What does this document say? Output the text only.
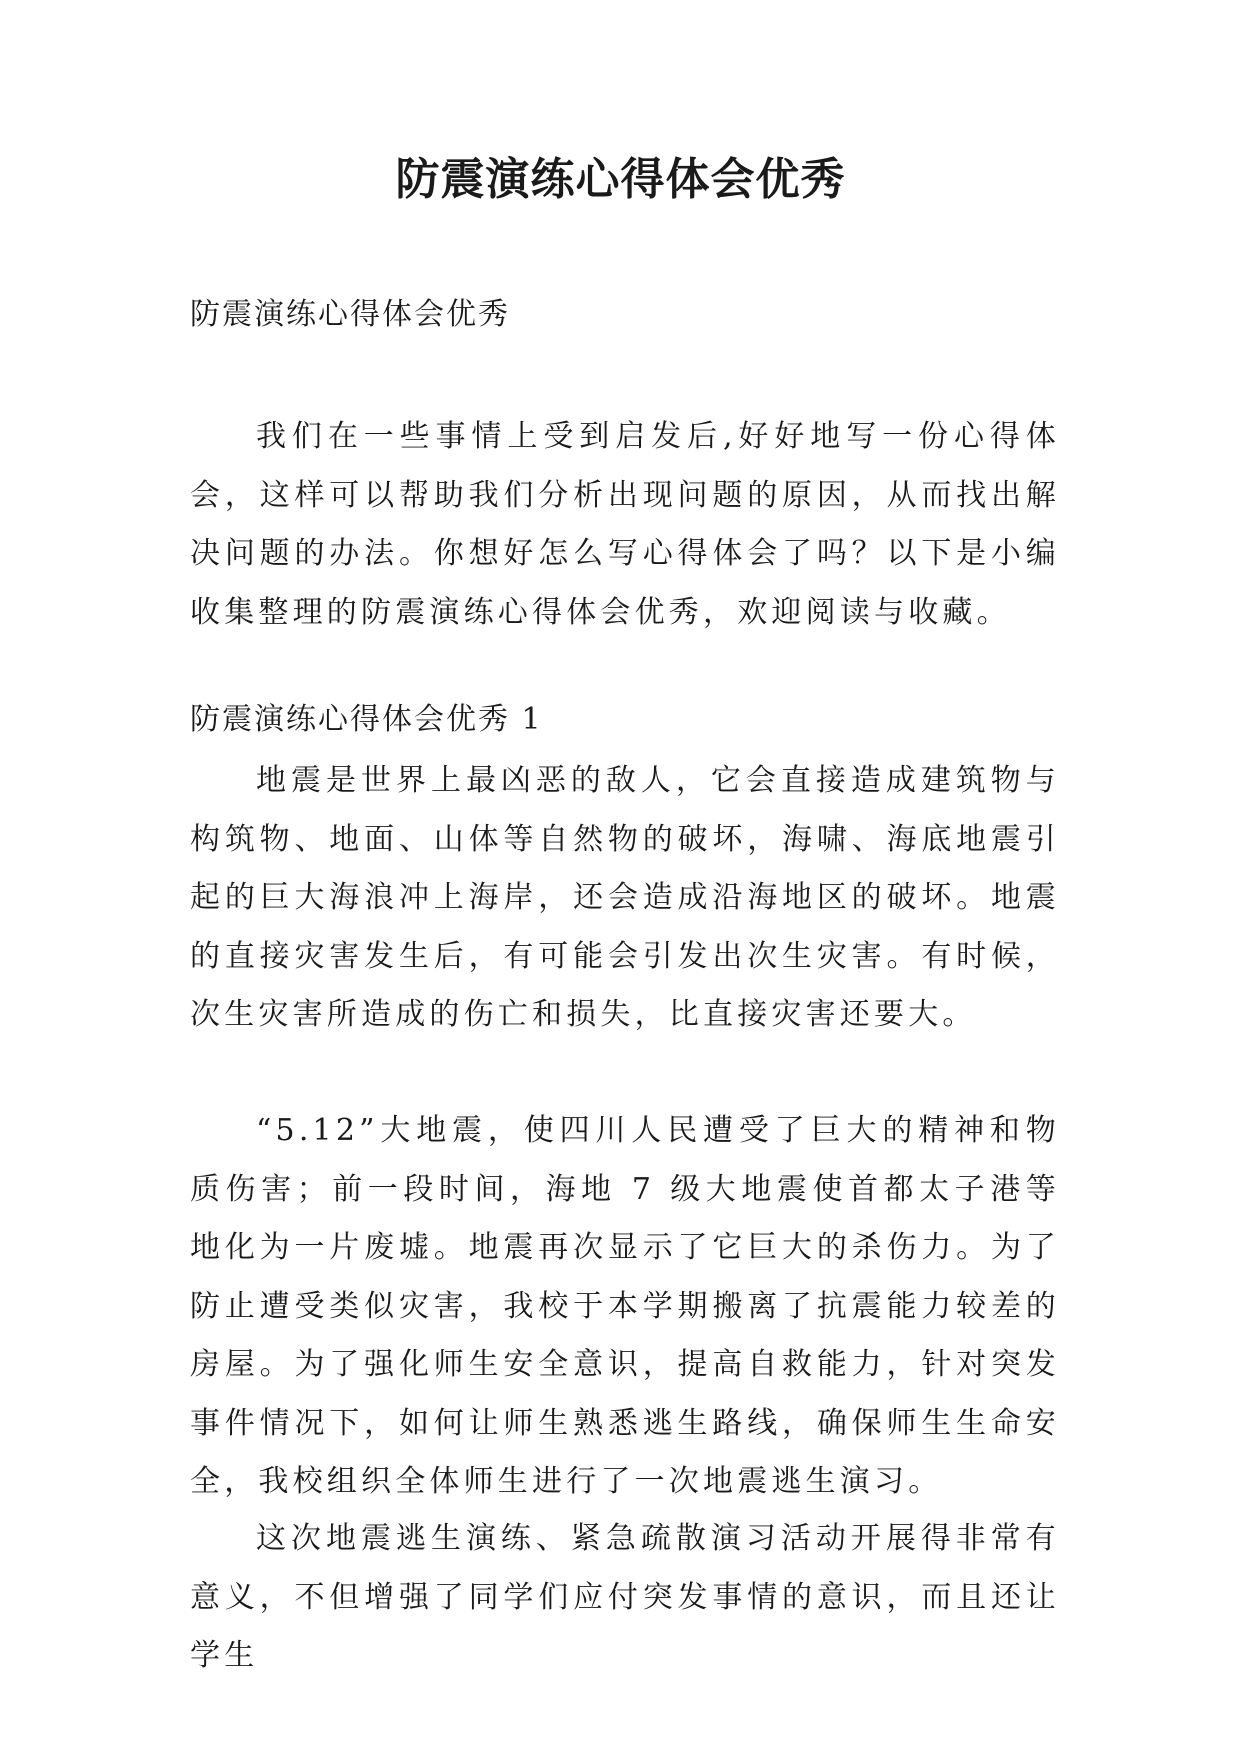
防震演练心得体会优秀
防震演练心得体会优秀

我们在一些事情上受到启发后,好好地写一份心得体会，这样可以帮助我们分析出现问题的原因，从而找出解决问题的办法。你想好怎么写心得体会了吗？以下是小编收集整理的防震演练心得体会优秀，欢迎阅读与收藏。

防震演练心得体会优秀 1

地震是世界上最凶恶的敌人，它会直接造成建筑物与构筑物、地面、山体等自然物的破坏，海啸、海底地震引起的巨大海浪冲上海岸，还会造成沿海地区的破坏。地震的直接灾害发生后，有可能会引发出次生灾害。有时候，次生灾害所造成的伤亡和损失，比直接灾害还要大。

“5.12”大地震，使四川人民遭受了巨大的精神和物质伤害；前一段时间，海地 7 级大地震使首都太子港等地化为一片废墟。地震再次显示了它巨大的杀伤力。为了防止遭受类似灾害，我校于本学期搬离了抗震能力较差的房屋。为了强化师生安全意识，提高自救能力，针对突发事件情况下，如何让师生熟悉逃生路线，确保师生生命安全，我校组织全体师生进行了一次地震逃生演习。

这次地震逃生演练、紧急疏散演习活动开展得非常有意义，不但增强了同学们应付突发事情的意识，而且还让学生
